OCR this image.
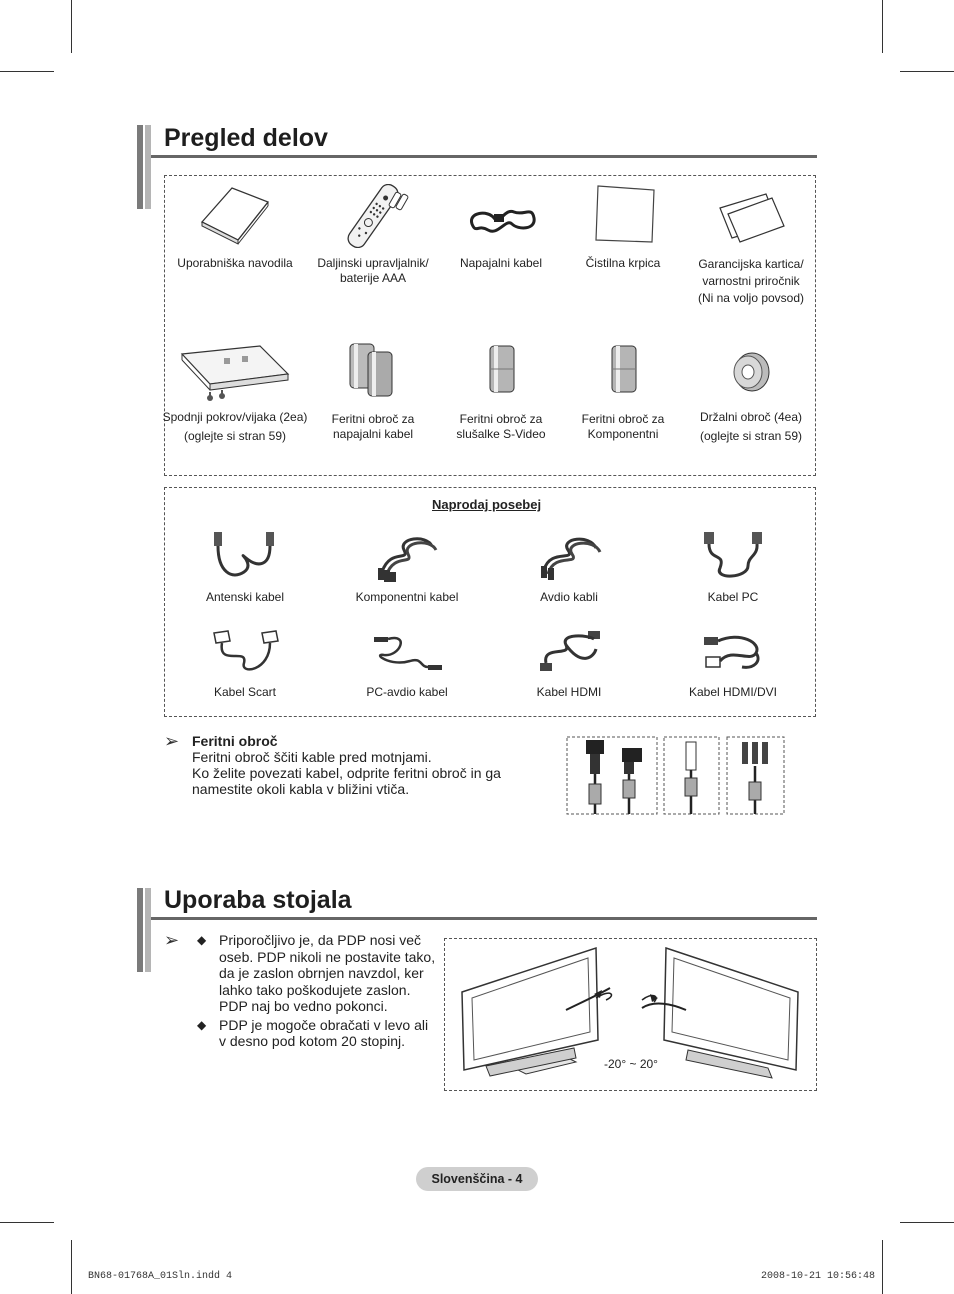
Pregled delov
Uporabniška navodila	Daljinski upravljalnik/
baterije AAA
Napajalni kabel	Čistilna krpica	Garancijska kartica/
varnostni priročnik
(Ni na voljo povsod)
Spodnji pokrov/vijaka (2ea)
(oglejte si stran 59)
Feritni obroč za
napajalni kabel
Feritni obroč za
slušalke S-Video
Feritni obroč za
Komponentni
Držalni obroč (4ea)
(oglejte si stran 59)
Naprodaj posebej
Antenski kabel	Komponentni kabel	Avdio kabli	Kabel PC
Kabel Scart	PC-avdio kabel	Kabel HDMI	Kabel HDMI/DVI
➢ Feritni obroč
Feritni obroč ščiti kable pred motnjami.
Ko želite povezati kabel, odprite feritni obroč in ga
namestite okoli kabla v bližini vtiča.
Uporaba stojala
➢
◆	Priporočljivo je, da PDP nosi več oseb. PDP nikoli ne postavite tako, da je zaslon obrnjen navzdol, ker lahko tako poškodujete zaslon. PDP naj bo vedno pokonci.
◆ PDP je mogoče obračati v levo ali v desno pod kotom 20 stopinj.
-20° ~ 20°
Slovenščina - 4
BN68-01768A_01Sln.indd 4	2008-10-21 10:56:48
